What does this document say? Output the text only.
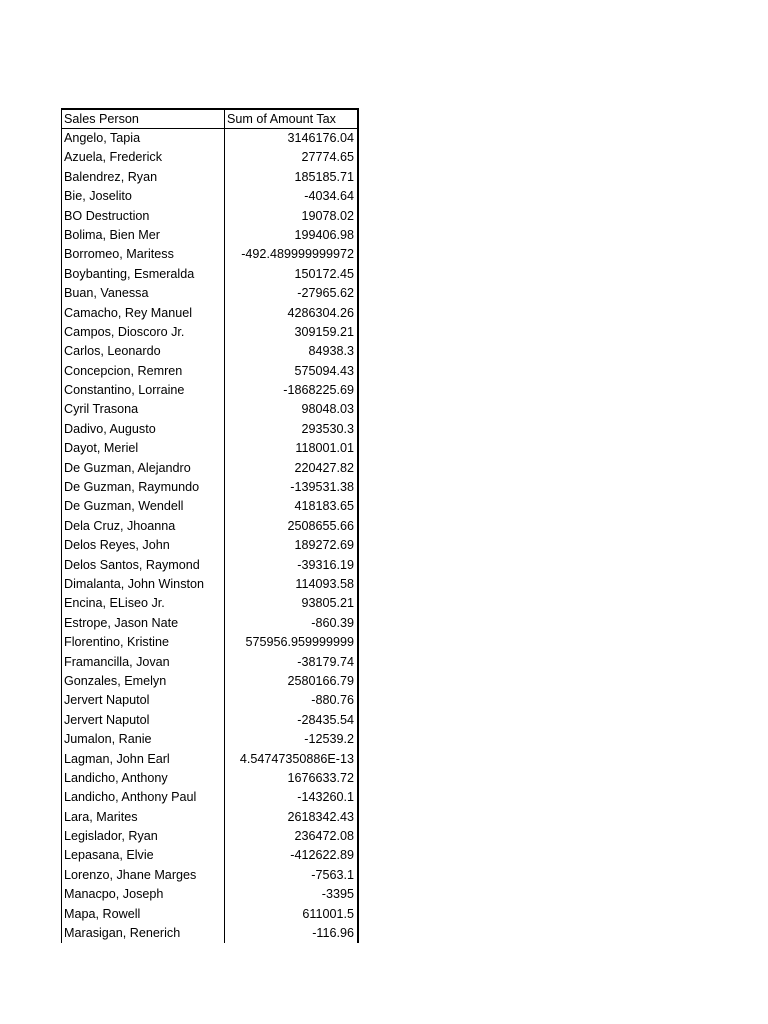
Sales Person	Sum of Amount Tax
Angelo, Tapia	3146176.04
Azuela, Frederick	27774.65
Balendrez, Ryan	185185.71
Bie, Joselito	-4034.64
BO Destruction	19078.02
Bolima, Bien Mer	199406.98
Borromeo, Maritess	-492.489999999972
Boybanting, Esmeralda	150172.45
Buan, Vanessa	-27965.62
Camacho, Rey Manuel	4286304.26
Campos, Dioscoro Jr.	309159.21
Carlos, Leonardo	84938.3
Concepcion, Remren	575094.43
Constantino, Lorraine	-1868225.69
Cyril Trasona	98048.03
Dadivo, Augusto	293530.3
Dayot, Meriel	118001.01
De Guzman, Alejandro	220427.82
De Guzman, Raymundo	-139531.38
De Guzman, Wendell	418183.65
Dela Cruz, Jhoanna	2508655.66
Delos Reyes, John	189272.69
Delos Santos, Raymond	-39316.19
Dimalanta, John Winston	114093.58
Encina, ELiseo Jr.	93805.21
Estrope, Jason Nate	-860.39
Florentino, Kristine	575956.959999999
Framancilla, Jovan	-38179.74
Gonzales, Emelyn	2580166.79
Jervert Naputol	-880.76
Jervert Naputol	-28435.54
Jumalon, Ranie	-12539.2
Lagman, John Earl	4.54747350886E-13
Landicho, Anthony	1676633.72
Landicho, Anthony Paul	-143260.1
Lara, Marites	2618342.43
Legislador, Ryan	236472.08
Lepasana, Elvie	-412622.89
Lorenzo, Jhane Marges	-7563.1
Manacpo, Joseph	-3395
Mapa, Rowell	611001.5
Marasigan, Renerich	-116.96
